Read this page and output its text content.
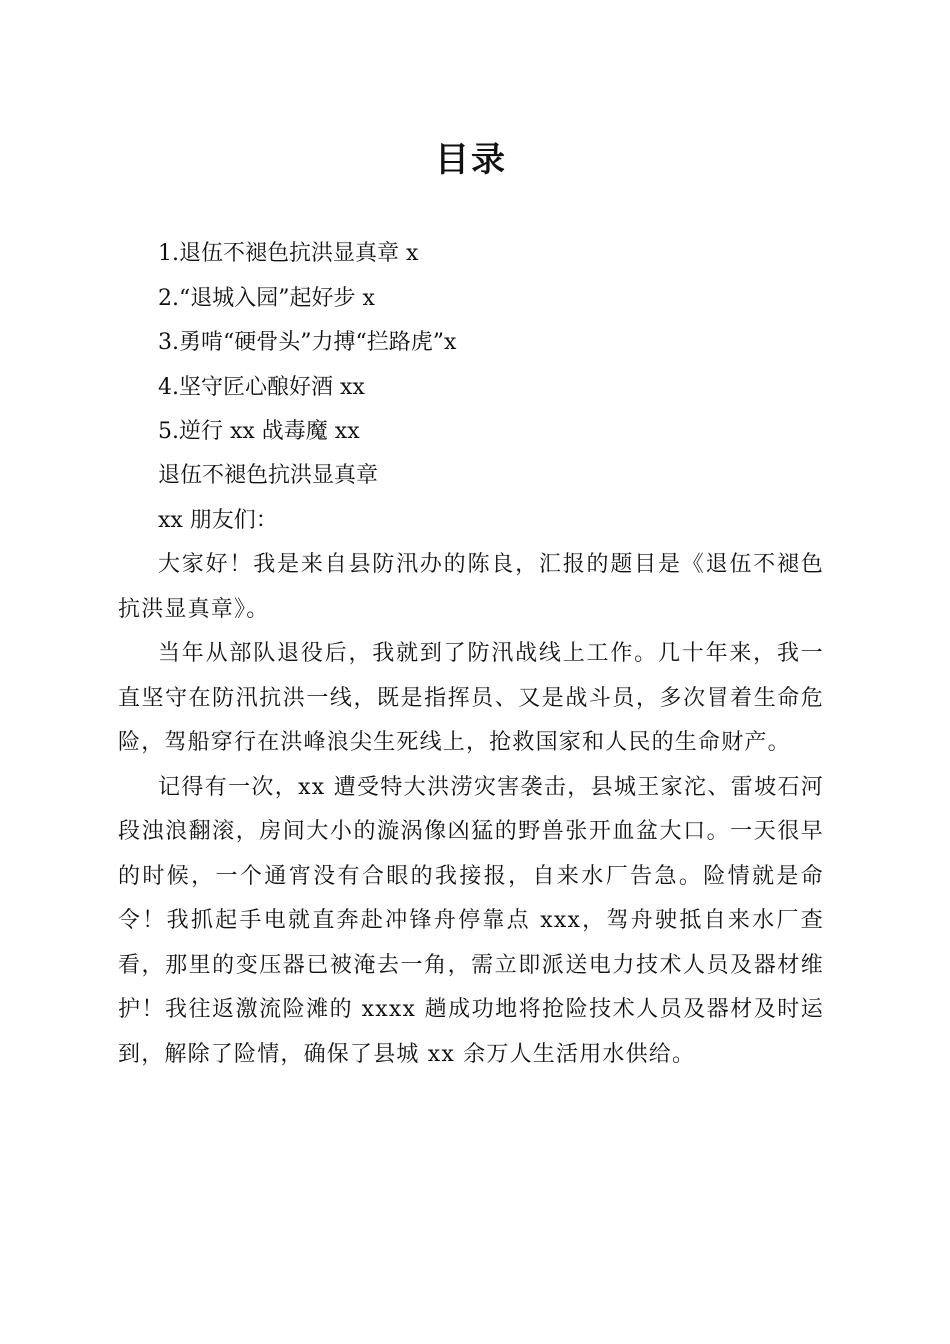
目录
1.退伍不褪色抗洪显真章 x
2.“退城入园”起好步 x
3.勇啃“硬骨头”力搏“拦路虎”x
4.坚守匠心酿好酒 xx
5.逆行 xx 战毒魔 xx
退伍不褪色抗洪显真章
xx 朋友们：

大家好！我是来自县防汛办的陈良，汇报的题目是《退伍不褪色抗洪显真章》。

当年从部队退役后，我就到了防汛战线上工作。几十年来，我一直坚守在防汛抗洪一线，既是指挥员、又是战斗员，多次冒着生命危险，驾船穿行在洪峰浪尖生死线上，抢救国家和人民的生命财产。

记得有一次，xx 遭受特大洪涝灾害袭击，县城王家沱、雷坡石河段浊浪翻滚，房间大小的漩涡像凶猛的野兽张开血盆大口。一天很早的时候，一个通宵没有合眼的我接报，自来水厂告急。险情就是命令！我抓起手电就直奔赴冲锋舟停靠点 xxx，驾舟驶抵自来水厂查看，那里的变压器已被淹去一角，需立即派送电力技术人员及器材维护！我往返激流险滩的 xxxx 趟成功地将抢险技术人员及器材及时运到，解除了险情，确保了县城 xx 余万人生活用水供给。
